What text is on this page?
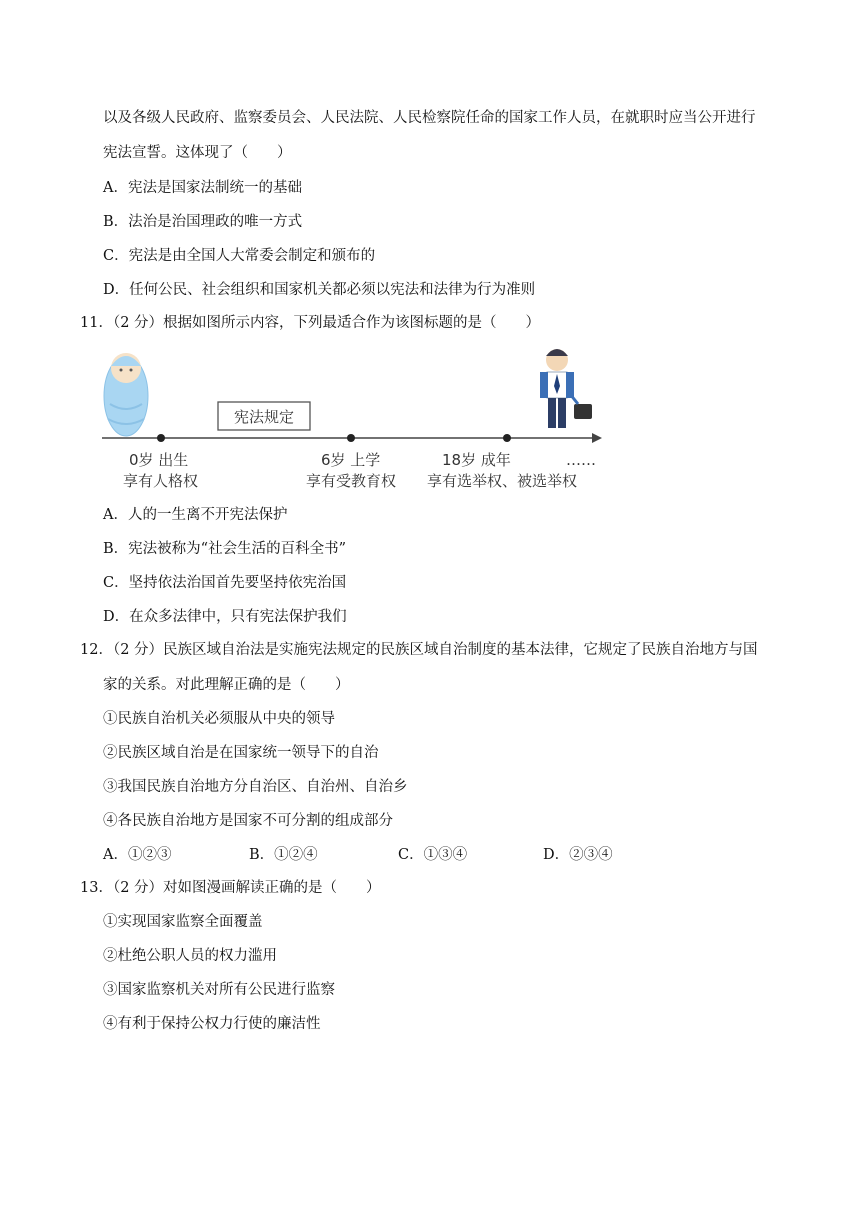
以及各级人民政府、监察委员会、人民法院、人民检察院任命的国家工作人员，在就职时应当公开进行
宪法宣誓。这体现了（　　）
A．宪法是国家法制统一的基础
B．法治是治国理政的唯一方式
C．宪法是由全国人大常委会制定和颁布的
D．任何公民、社会组织和国家机关都必须以宪法和法律为行为准则
11．（2 分）根据如图所示内容，下列最适合作为该图标题的是（　　）
宪法规定
0岁 出生
享有人格权
6岁 上学
享有受教育权
18岁 成年	……
享有选举权、被选举权
A．人的一生离不开宪法保护
B．宪法被称为“社会生活的百科全书”
C．坚持依法治国首先要坚持依宪治国
D．在众多法律中，只有宪法保护我们
12．（2 分）民族区域自治法是实施宪法规定的民族区域自治制度的基本法律，它规定了民族自治地方与国
家的关系。对此理解正确的是（　　）
①民族自治机关必须服从中央的领导
②民族区域自治是在国家统一领导下的自治
③我国民族自治地方分自治区、自治州、自治乡
④各民族自治地方是国家不可分割的组成部分
A．①②③	B．①②④	C．①③④	D．②③④
13．（2 分）对如图漫画解读正确的是（　　）
①实现国家监察全面覆盖
②杜绝公职人员的权力滥用
③国家监察机关对所有公民进行监察
④有利于保持公权力行使的廉洁性
